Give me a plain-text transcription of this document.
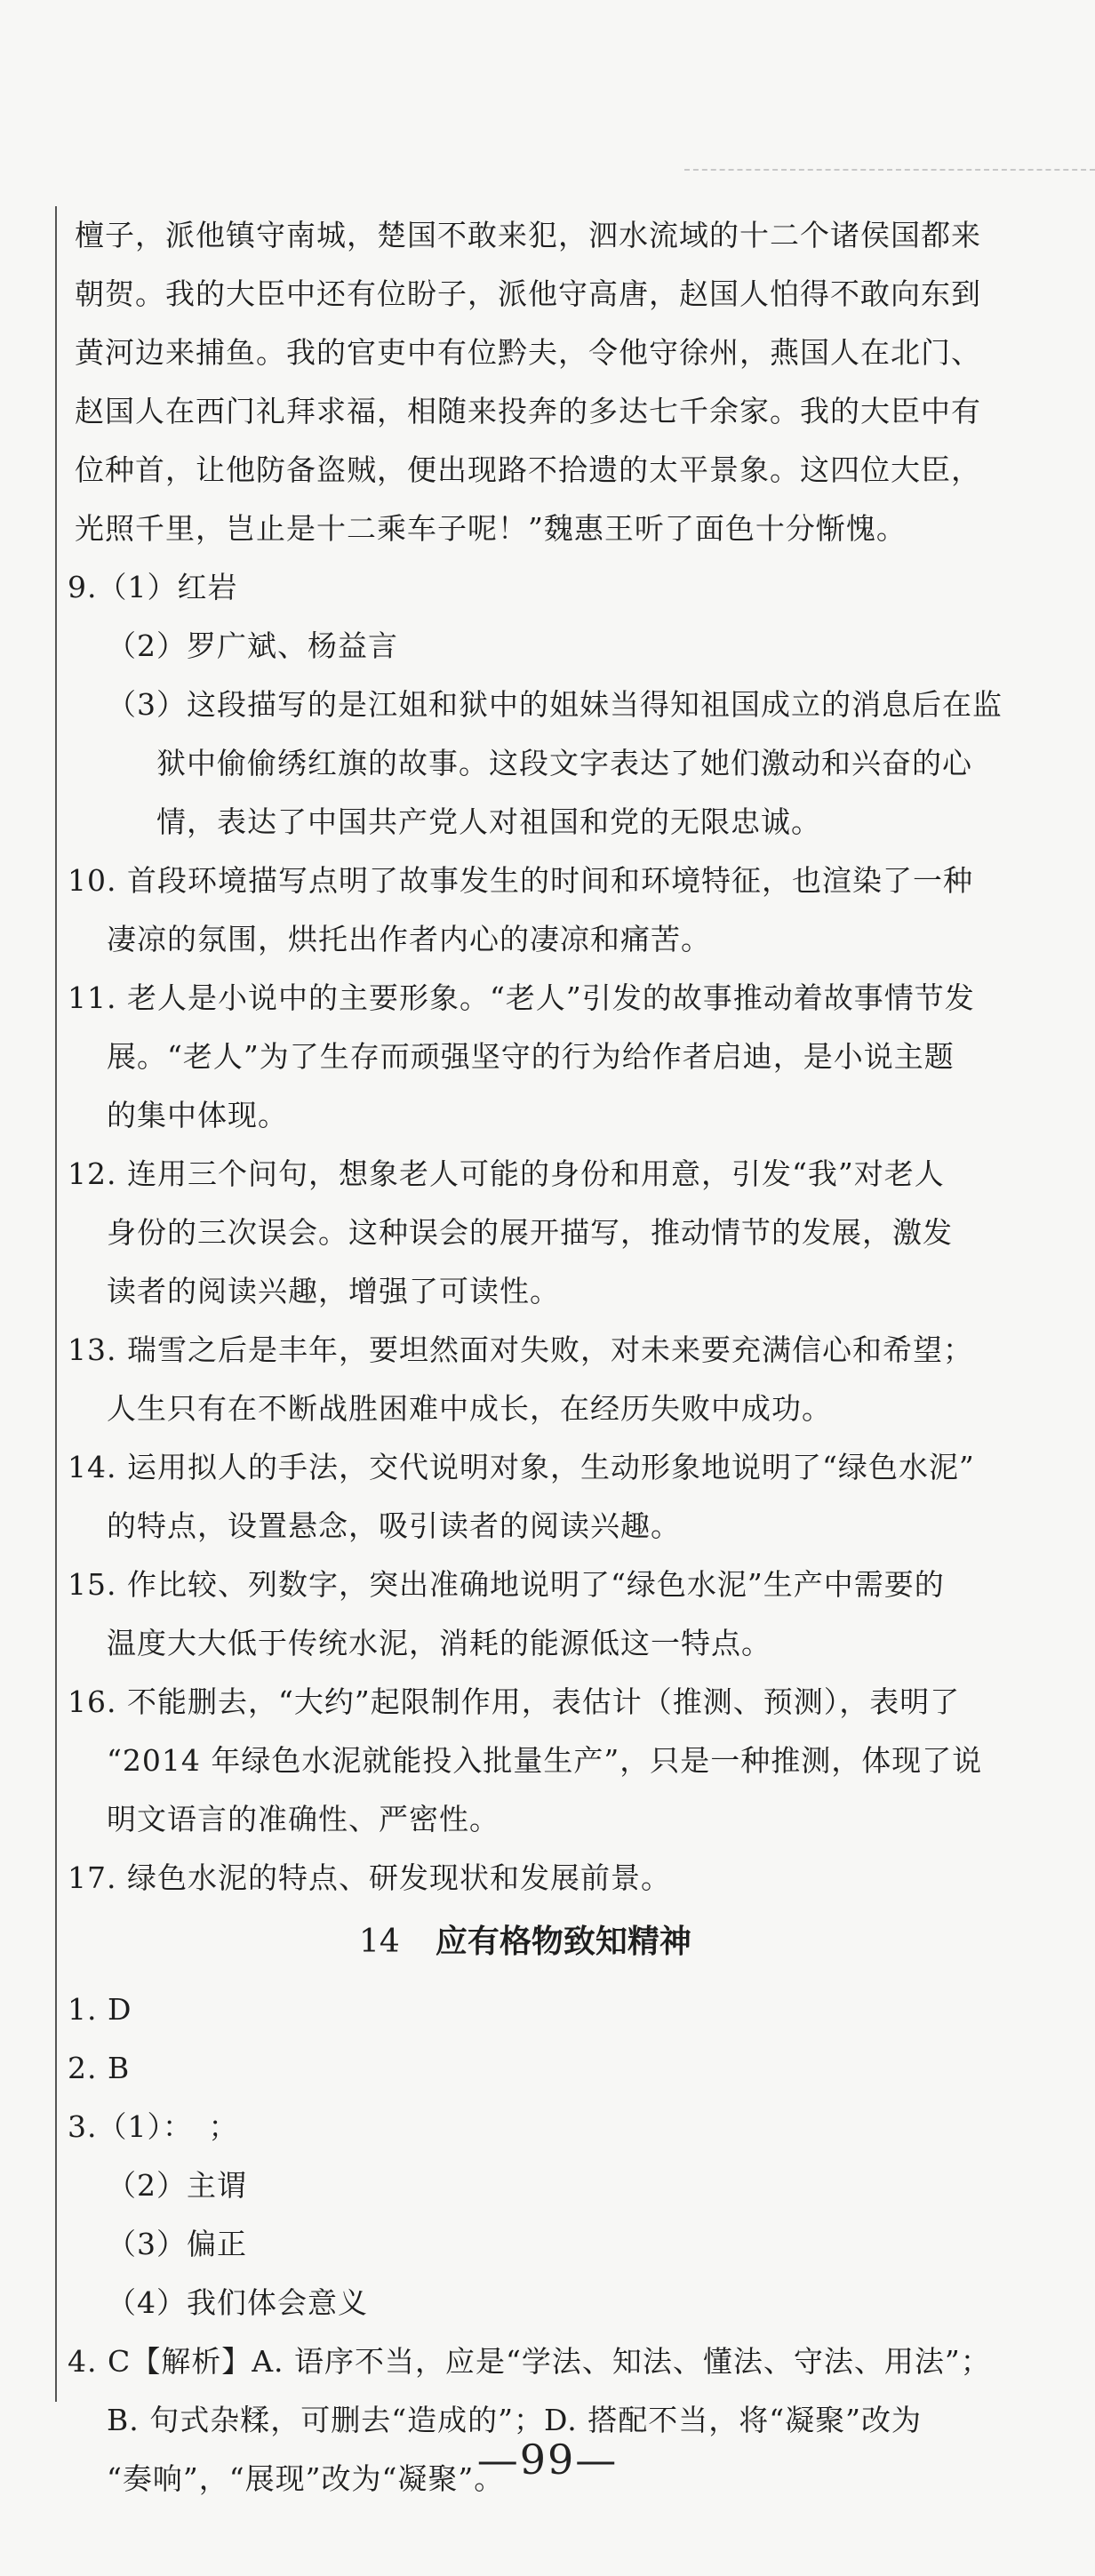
檀子，派他镇守南城，楚国不敢来犯，泗水流域的十二个诸侯国都来
朝贺。我的大臣中还有位盼子，派他守高唐，赵国人怕得不敢向东到
黄河边来捕鱼。我的官吏中有位黔夫，令他守徐州，燕国人在北门、
赵国人在西门礼拜求福，相随来投奔的多达七千余家。我的大臣中有
位种首，让他防备盗贼，便出现路不拾遗的太平景象。这四位大臣，
光照千里，岂止是十二乘车子呢！”魏惠王听了面色十分惭愧。
9.（1）红岩
（2）罗广斌、杨益言
（3）这段描写的是江姐和狱中的姐妹当得知祖国成立的消息后在监
狱中偷偷绣红旗的故事。这段文字表达了她们激动和兴奋的心
情，表达了中国共产党人对祖国和党的无限忠诚。
10. 首段环境描写点明了故事发生的时间和环境特征，也渲染了一种
凄凉的氛围，烘托出作者内心的凄凉和痛苦。
11. 老人是小说中的主要形象。“老人”引发的故事推动着故事情节发
展。“老人”为了生存而顽强坚守的行为给作者启迪，是小说主题
的集中体现。
12. 连用三个问句，想象老人可能的身份和用意，引发“我”对老人
身份的三次误会。这种误会的展开描写，推动情节的发展，激发
读者的阅读兴趣，增强了可读性。
13. 瑞雪之后是丰年，要坦然面对失败，对未来要充满信心和希望；
人生只有在不断战胜困难中成长，在经历失败中成功。
14. 运用拟人的手法，交代说明对象，生动形象地说明了“绿色水泥”
的特点，设置悬念，吸引读者的阅读兴趣。
15. 作比较、列数字，突出准确地说明了“绿色水泥”生产中需要的
温度大大低于传统水泥，消耗的能源低这一特点。
16. 不能删去，“大约”起限制作用，表估计（推测、预测），表明了
“2014 年绿色水泥就能投入批量生产”，只是一种推测，体现了说
明文语言的准确性、严密性。
17. 绿色水泥的特点、研发现状和发展前景。
14 应有格物致知精神
1. D
2. B
3.（1）：　；
（2）主谓
（3）偏正
（4）我们体会意义
4. C【解析】A. 语序不当，应是“学法、知法、懂法、守法、用法”；
B. 句式杂糅，可删去“造成的”；D. 搭配不当，将“凝聚”改为
“奏响”，“展现”改为“凝聚”。
—99—
